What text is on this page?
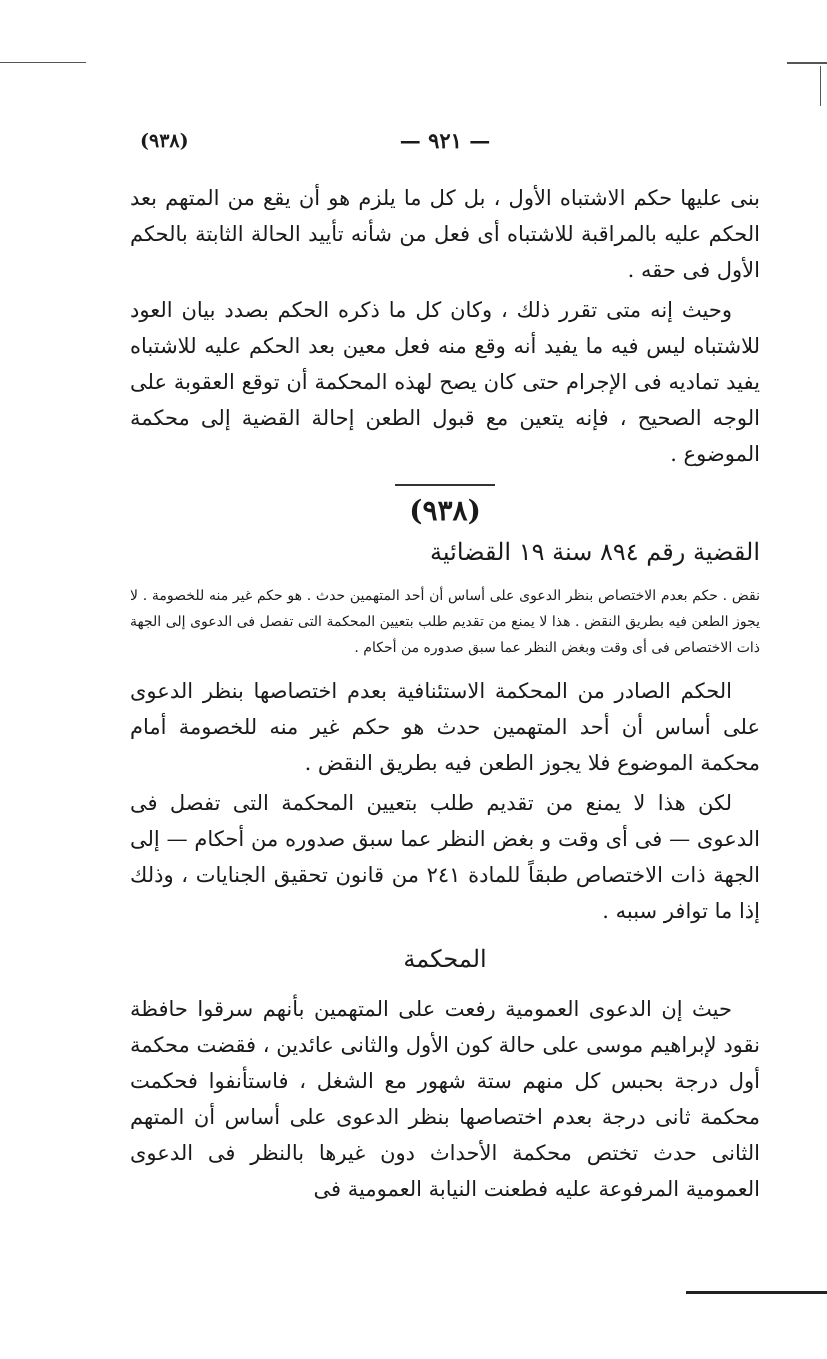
(٩٣٨)	— ٩٢١ —

بنى عليها حكم الاشتباه الأول ، بل كل ما يلزم هو أن يقع من المتهم بعد الحكم عليه بالمراقبة للاشتباه أى فعل من شأنه تأييد الحالة الثابتة بالحكم الأول فى حقه .

وحيث إنه متى تقرر ذلك ، وكان كل ما ذكره الحكم بصدد بيان العود للاشتباه ليس فيه ما يفيد أنه وقع منه فعل معين بعد الحكم عليه للاشتباه يفيد تماديه فى الإجرام حتى كان يصح لهذه المحكمة أن توقع العقوبة على الوجه الصحيح ، فإنه يتعين مع قبول الطعن إحالة القضية إلى محكمة الموضوع .

(٩٣٨)

القضية رقم ٨٩٤ سنة ١٩ القضائية

نقض . حكم بعدم الاختصاص بنظر الدعوى على أساس أن أحد المتهمين حدث . هو حكم غير منه للخصومة . لا يجوز الطعن فيه بطريق النقض . هذا لا يمنع من تقديم طلب بتعيين المحكمة التى تفصل فى الدعوى إلى الجهة ذات الاختصاص فى أى وقت وبغض النظر عما سبق صدوره من أحكام .

الحكم الصادر من المحكمة الاستئنافية بعدم اختصاصها بنظر الدعوى على أساس أن أحد المتهمين حدث هو حكم غير منه للخصومة أمام محكمة الموضوع فلا يجوز الطعن فيه بطريق النقض .

لكن هذا لا يمنع من تقديم طلب بتعيين المحكمة التى تفصل فى الدعوى — فى أى وقت و بغض النظر عما سبق صدوره من أحكام — إلى الجهة ذات الاختصاص طبقاً للمادة ٢٤١ من قانون تحقيق الجنايات ، وذلك إذا ما توافر سببه .

المحكمة

حيث إن الدعوى العمومية رفعت على المتهمين بأنهم سرقوا حافظة نقود لإبراهيم موسى على حالة كون الأول والثانى عائدين ، فقضت محكمة أول درجة بحبس كل منهم ستة شهور مع الشغل ، فاستأنفوا فحكمت محكمة ثانى درجة بعدم اختصاصها بنظر الدعوى على أساس أن المتهم الثانى حدث تختص محكمة الأحداث دون غيرها بالنظر فى الدعوى العمومية المرفوعة عليه فطعنت النيابة العمومية فى
